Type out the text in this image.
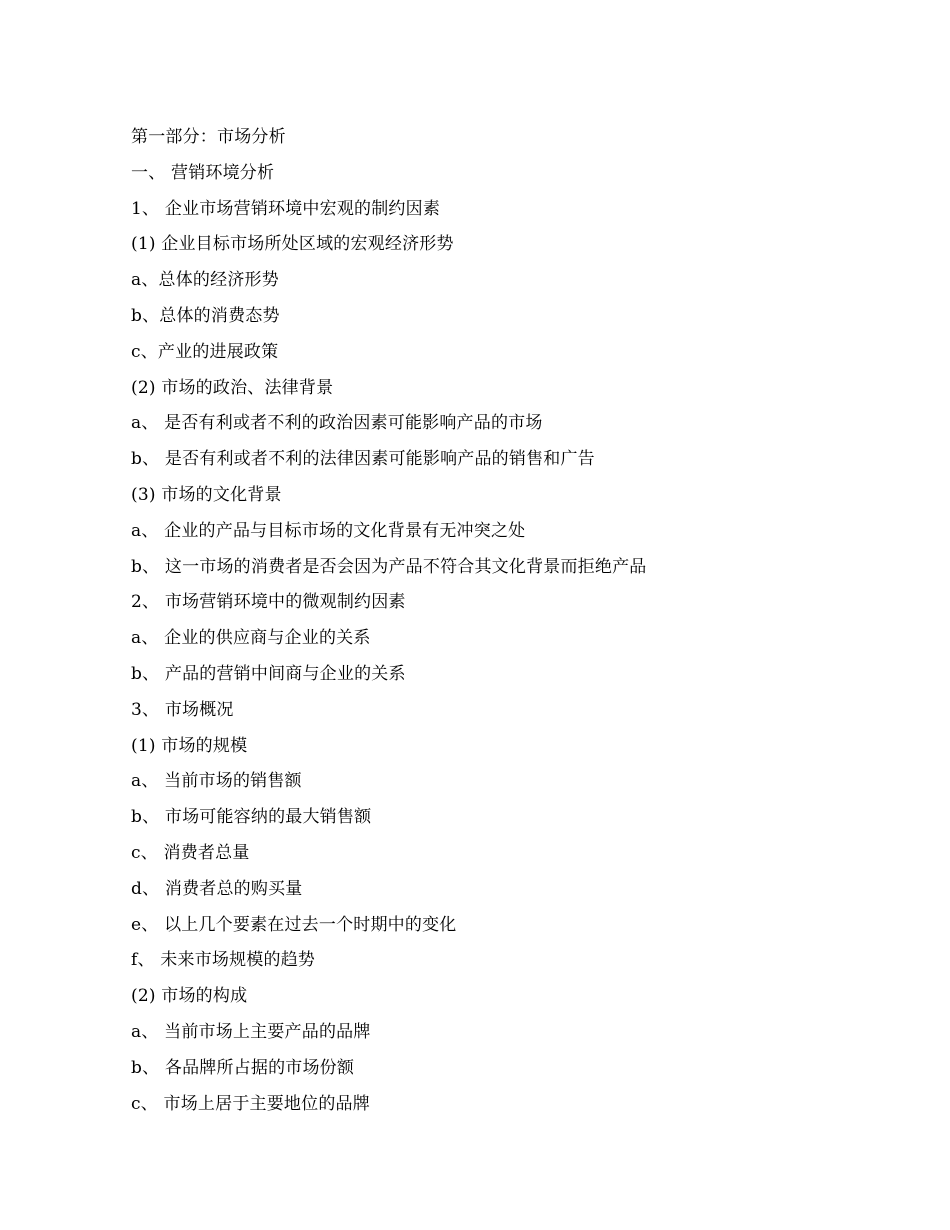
第一部分：市场分析
一、 营销环境分析
1、 企业市场营销环境中宏观的制约因素
(1) 企业目标市场所处区域的宏观经济形势
a、总体的经济形势
b、总体的消费态势
c、产业的进展政策
(2) 市场的政治、法律背景
a、 是否有利或者不利的政治因素可能影响产品的市场
b、 是否有利或者不利的法律因素可能影响产品的销售和广告
(3) 市场的文化背景
a、 企业的产品与目标市场的文化背景有无冲突之处
b、 这一市场的消费者是否会因为产品不符合其文化背景而拒绝产品
2、 市场营销环境中的微观制约因素
a、 企业的供应商与企业的关系
b、 产品的营销中间商与企业的关系
3、 市场概况
(1) 市场的规模
a、 当前市场的销售额
b、 市场可能容纳的最大销售额
c、 消费者总量
d、 消费者总的购买量
e、 以上几个要素在过去一个时期中的变化
f、 未来市场规模的趋势
(2) 市场的构成
a、 当前市场上主要产品的品牌
b、 各品牌所占据的市场份额
c、 市场上居于主要地位的品牌
